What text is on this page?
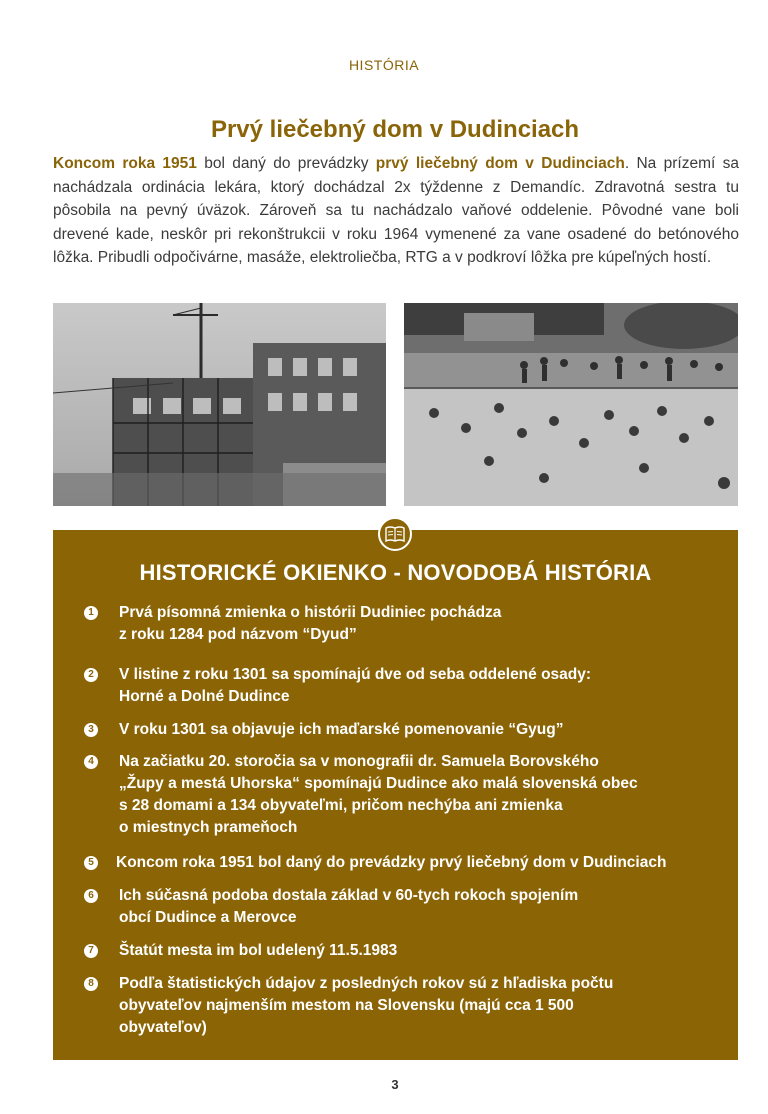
HISTÓRIA
Prvý liečebný dom v Dudinciach

Koncom roka 1951 bol daný do prevádzky prvý liečebný dom v Dudinciach. Na prízemí sa nachádzala ordinácia lekára, ktorý dochádzal 2x týždenne z Demandíc. Zdravotná sestra tu pôsobila na pevný úväzok. Zároveň sa tu nachádzalo vaňové oddelenie. Pôvodné vane boli drevené kade, neskôr pri rekonštrukcii v roku 1964 vymenené za vane osadené do betónového lôžka. Pribudli odpočivárne, masáže, elektroliečba, RTG a v podkroví lôžka pre kúpeľných hostí.

HISTORICKÉ OKIENKO - NOVODOBÁ HISTÓRIA
1 Prvá písomná zmienka o histórii Dudiniec pochádza
z roku 1284 pod názvom “Dyud”
2 V listine z roku 1301 sa spomínajú dve od seba oddelené osady:
Horné a Dolné Dudince
3 V roku 1301 sa objavuje ich maďarské pomenovanie “Gyug”
4 Na začiatku 20. storočia sa v monografii dr. Samuela Borovského
„Župy a mestá Uhorska“ spomínajú Dudince ako malá slovenská obec
s 28 domami a 134 obyvateľmi, pričom nechýba ani zmienka
o miestnych prameňoch
5 Koncom roka 1951 bol daný do prevádzky prvý liečebný dom v Dudinciach
6 Ich súčasná podoba dostala základ v 60-tych rokoch spojením
obcí Dudince a Merovce
7 Štatút mesta im bol udelený 11.5.1983
8 Podľa štatistických údajov z posledných rokov sú z hľadiska počtu
obyvateľov najmenším mestom na Slovensku (majú cca 1 500
obyvateľov)
3
